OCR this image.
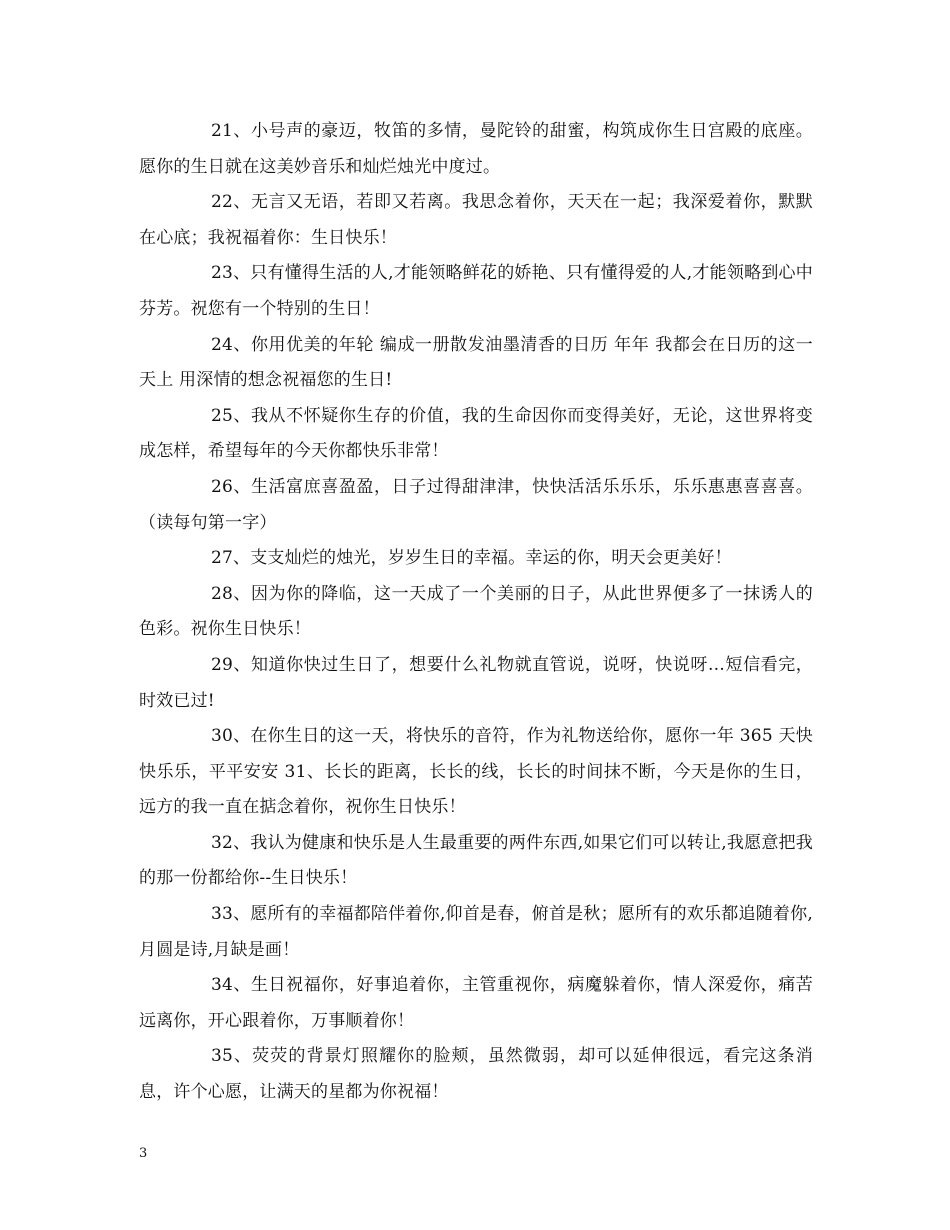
21、小号声的豪迈，牧笛的多情，曼陀铃的甜蜜，构筑成你生日宫殿的底座。愿你的生日就在这美妙音乐和灿烂烛光中度过。

22、无言又无语，若即又若离。我思念着你，天天在一起；我深爱着你，默默在心底；我祝福着你：生日快乐！

23、只有懂得生活的人,才能领略鲜花的娇艳、只有懂得爱的人,才能领略到心中芬芳。祝您有一个特别的生日！

24、你用优美的年轮 编成一册散发油墨清香的日历 年年 我都会在日历的这一天上 用深情的想念祝福您的生日!

25、我从不怀疑你生存的价值，我的生命因你而变得美好，无论，这世界将变成怎样，希望每年的今天你都快乐非常！

26、生活富庶喜盈盈，日子过得甜津津，快快活活乐乐乐，乐乐惠惠喜喜喜。（读每句第一字）

27、支支灿烂的烛光，岁岁生日的幸福。幸运的你，明天会更美好！

28、因为你的降临，这一天成了一个美丽的日子，从此世界便多了一抹诱人的色彩。祝你生日快乐！

29、知道你快过生日了，想要什么礼物就直管说，说呀，快说呀…短信看完，时效已过!

30、在你生日的这一天，将快乐的音符，作为礼物送给你，愿你一年 365 天快快乐乐，平平安安 31、长长的距离，长长的线，长长的时间抹不断，今天是你的生日，远方的我一直在掂念着你，祝你生日快乐！

32、我认为健康和快乐是人生最重要的两件东西,如果它们可以转让,我愿意把我的那一份都给你--生日快乐！

33、愿所有的幸福都陪伴着你,仰首是春，俯首是秋；愿所有的欢乐都追随着你,月圆是诗,月缺是画！

34、生日祝福你，好事追着你，主管重视你，病魔躲着你，情人深爱你，痛苦远离你，开心跟着你，万事顺着你！

35、荧荧的背景灯照耀你的脸颊，虽然微弱，却可以延伸很远，看完这条消息，许个心愿，让满天的星都为你祝福！

3
